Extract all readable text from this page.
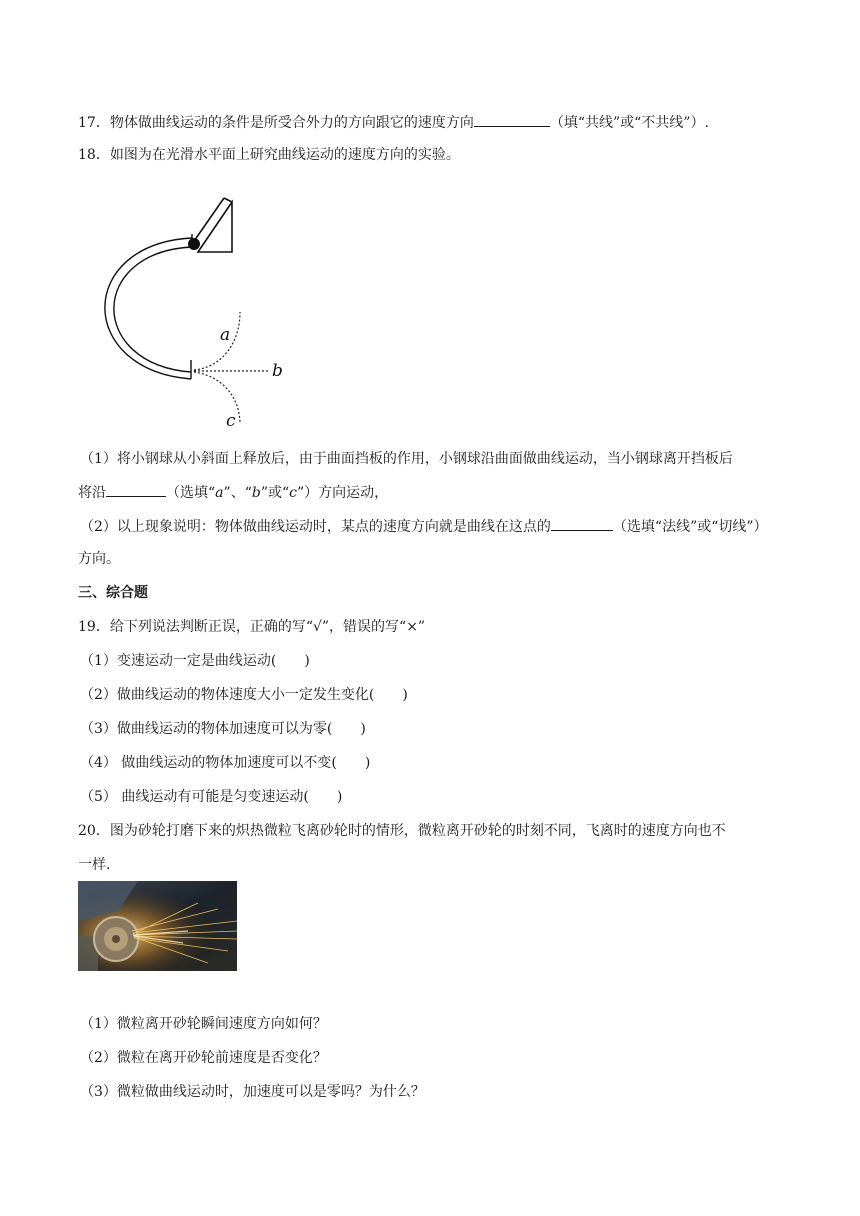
17．物体做曲线运动的条件是所受合外力的方向跟它的速度方向	（填“共线”或“不共线”）.
18．如图为在光滑水平面上研究曲线运动的速度方向的实验。
a
b
c
（1）将小钢球从小斜面上释放后，由于曲面挡板的作用，小钢球沿曲面做曲线运动，当小钢球离开挡板后
将沿	（选填“a”、“b”或“c”）方向运动，
（2）以上现象说明：物体做曲线运动时，某点的速度方向就是曲线在这点的	（选填“法线”或“切线”）
方向。
三、综合题
19．给下列说法判断正误，正确的写“√”，错误的写“×”
（1）变速运动一定是曲线运动(　　)
（2）做曲线运动的物体速度大小一定发生变化(　　)
（3）做曲线运动的物体加速度可以为零(　　)
（4） 做曲线运动的物体加速度可以不变(　　)
（5） 曲线运动有可能是匀变速运动(　　)
20．图为砂轮打磨下来的炽热微粒飞离砂轮时的情形，微粒离开砂轮的时刻不同，飞离时的速度方向也不
一样.
（1）微粒离开砂轮瞬间速度方向如何？
（2）微粒在离开砂轮前速度是否变化？
（3）微粒做曲线运动时，加速度可以是零吗？为什么？
